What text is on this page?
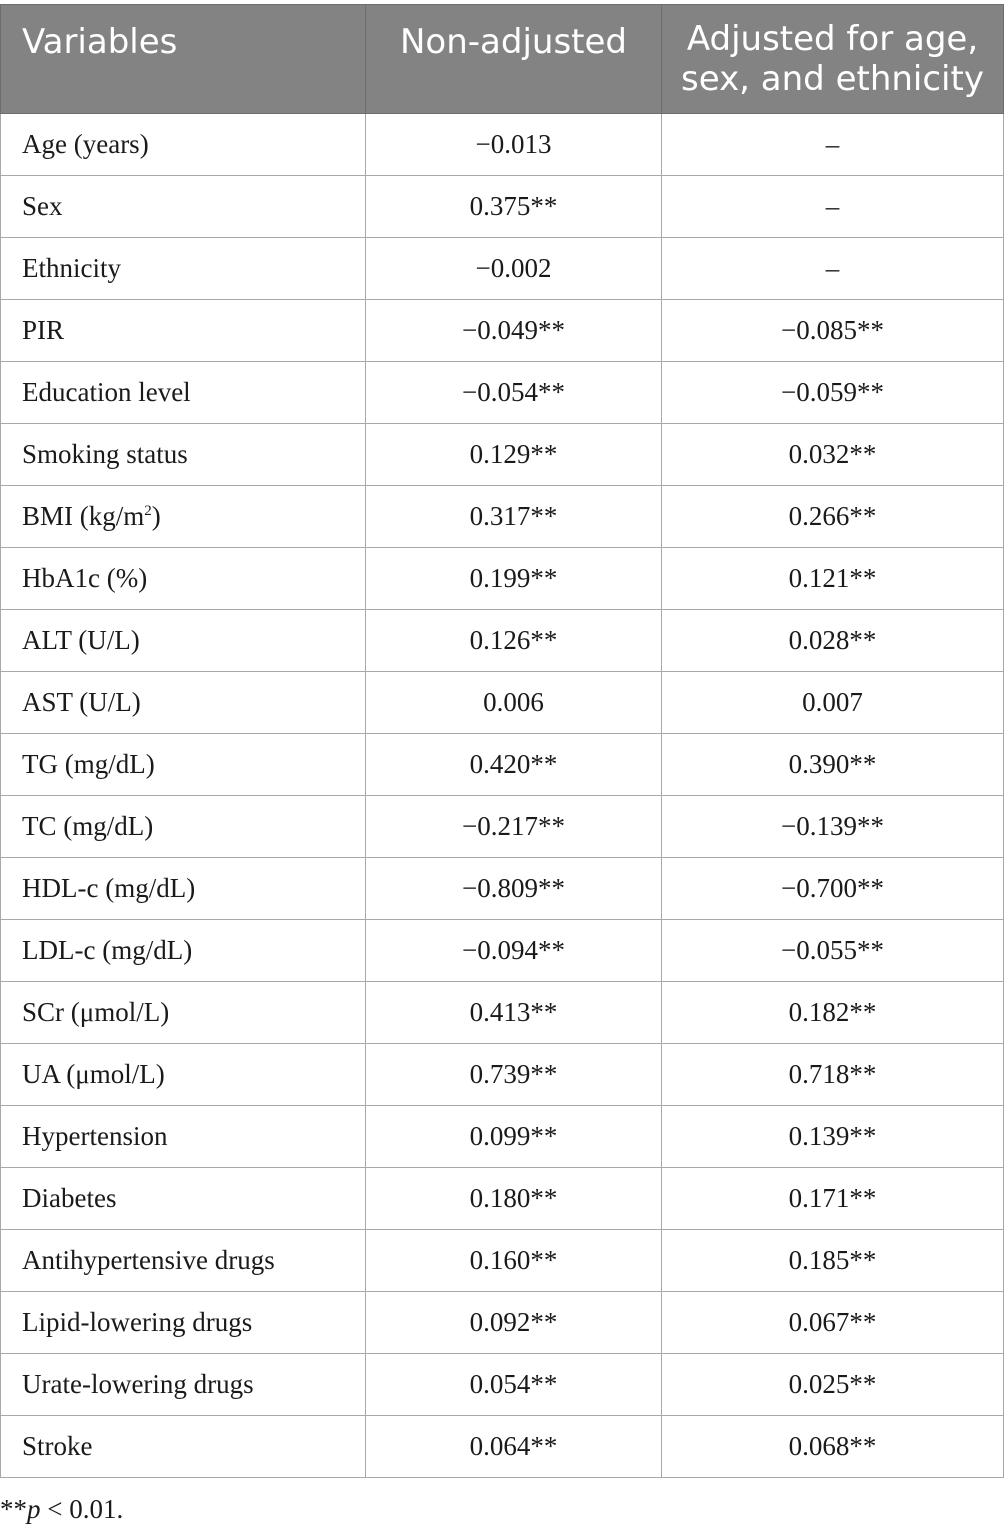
Variables	Non-adjusted	Adjusted for age,
sex, and ethnicity
Age (years)	−0.013	–
Sex	0.375**	–
Ethnicity	−0.002	–
PIR	−0.049**	−0.085**
Education level	−0.054**	−0.059**
Smoking status	0.129**	0.032**
BMI $(kg/m^2)$	0.317**	0.266**
HbA1c (%)	0.199**	0.121**
ALT (U/L)	0.126**	0.028**
AST (U/L)	0.006	0.007
TG (mg/dL)	0.420**	0.390**
TC (mg/dL)	−0.217**	−0.139**
HDL-c (mg/dL)	−0.809**	−0.700**
LDL-c (mg/dL)	−0.094**	−0.055**
SCr (μmol/L)	0.413**	0.182**
UA (μmol/L)	0.739**	0.718**
Hypertension	0.099**	0.139**
Diabetes	0.180**	0.171**
Antihypertensive drugs	0.160**	0.185**
Lipid-lowering drugs	0.092**	0.067**
Urate-lowering drugs	0.054**	0.025**
Stroke	0.064**	0.068**
**p < 0.01.
